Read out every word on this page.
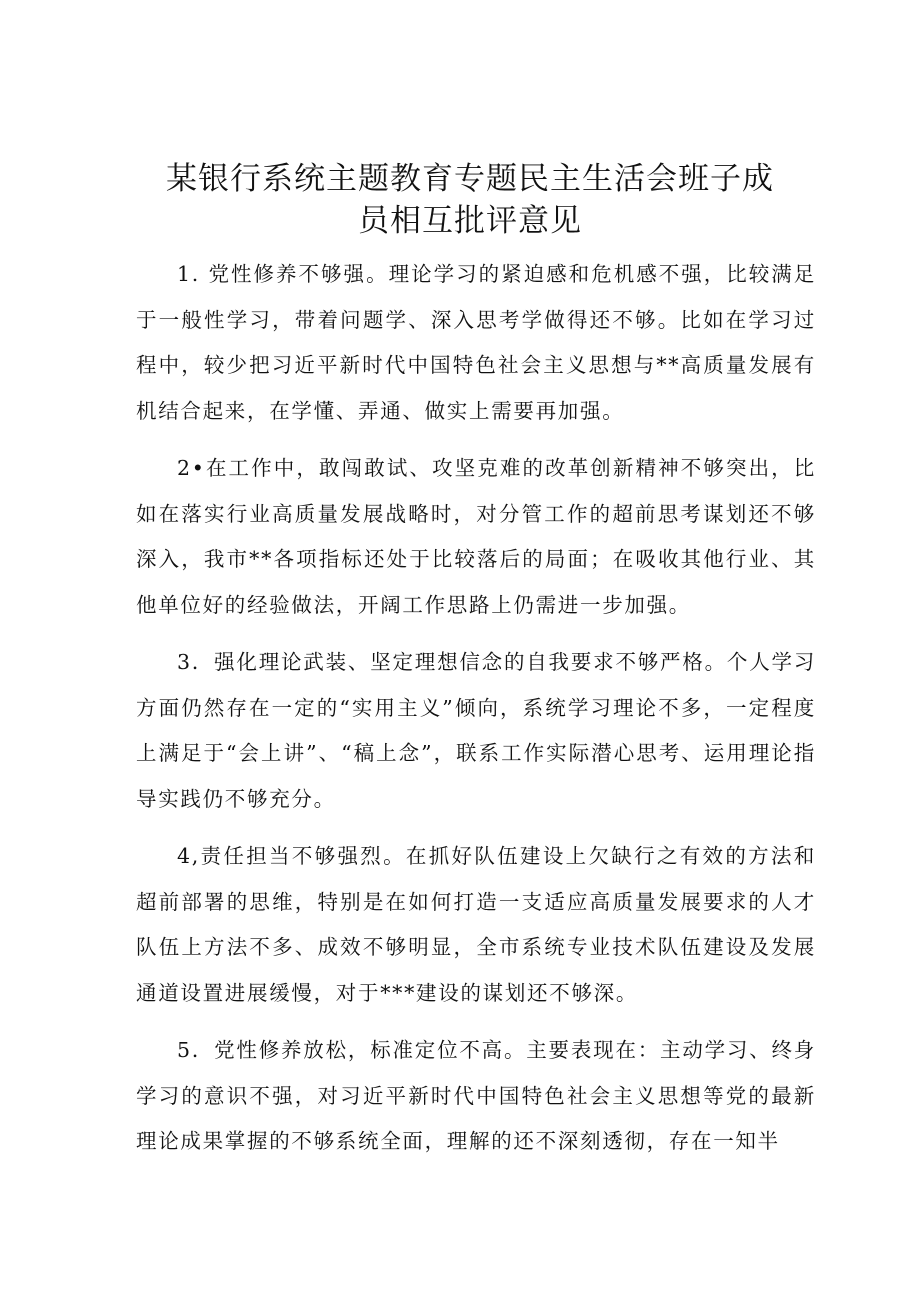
某银行系统主题教育专题民主生活会班子成
员相互批评意见

1. 党性修养不够强。理论学习的紧迫感和危机感不强，比较满足于一般性学习，带着问题学、深入思考学做得还不够。比如在学习过程中，较少把习近平新时代中国特色社会主义思想与**高质量发展有机结合起来，在学懂、弄通、做实上需要再加强。

2•在工作中，敢闯敢试、攻坚克难的改革创新精神不够突出，比如在落实行业高质量发展战略时，对分管工作的超前思考谋划还不够深入，我市**各项指标还处于比较落后的局面；在吸收其他行业、其他单位好的经验做法，开阔工作思路上仍需进一步加强。

3．强化理论武装、坚定理想信念的自我要求不够严格。个人学习方面仍然存在一定的“实用主义”倾向，系统学习理论不多，一定程度上满足于“会上讲”、“稿上念”，联系工作实际潜心思考、运用理论指导实践仍不够充分。

4,责任担当不够强烈。在抓好队伍建设上欠缺行之有效的方法和超前部署的思维，特别是在如何打造一支适应高质量发展要求的人才队伍上方法不多、成效不够明显，全市系统专业技术队伍建设及发展通道设置进展缓慢，对于***建设的谋划还不够深。

5．党性修养放松，标准定位不高。主要表现在：主动学习、终身学习的意识不强，对习近平新时代中国特色社会主义思想等党的最新理论成果掌握的不够系统全面，理解的还不深刻透彻，存在一知半
